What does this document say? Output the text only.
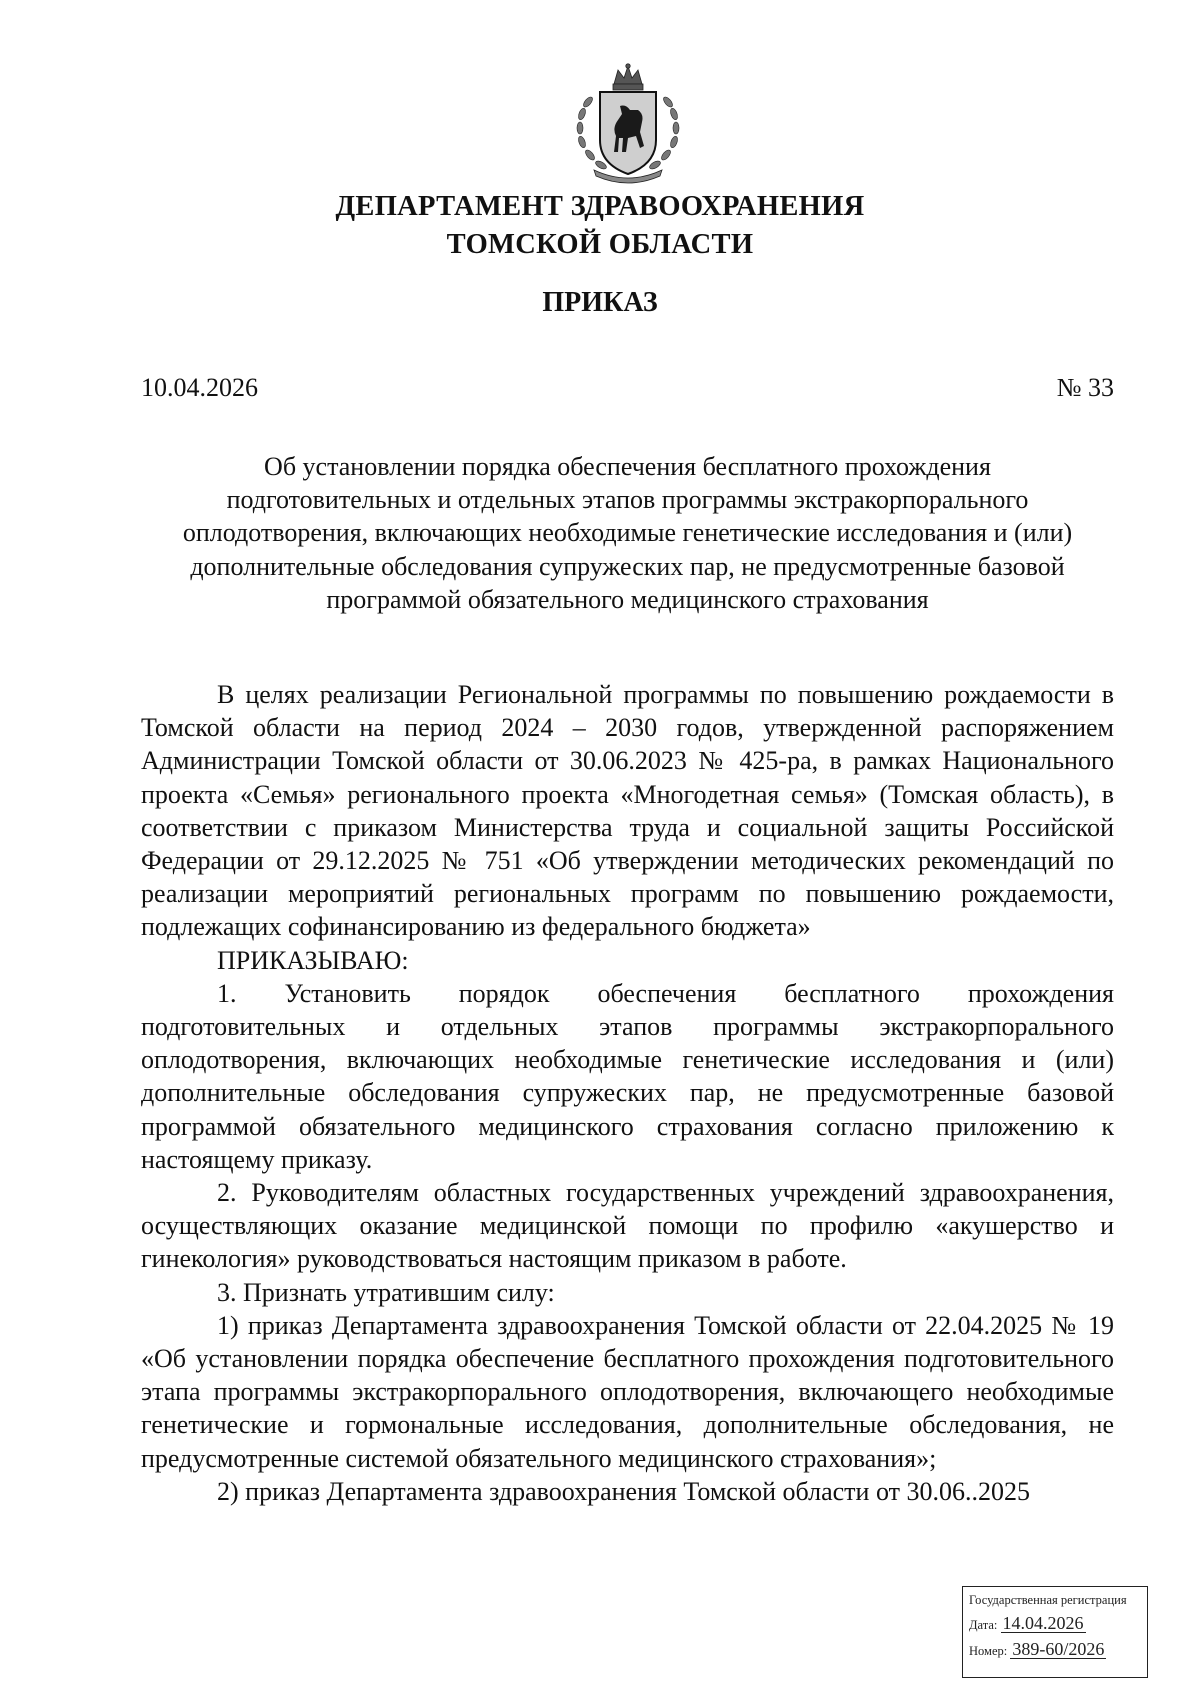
ДЕПАРТАМЕНТ ЗДРАВООХРАНЕНИЯ
ТОМСКОЙ ОБЛАСТИ
ПРИКАЗ
10.04.2026	№ 33
Об установлении порядка обеспечения бесплатного прохождения
подготовительных и отдельных этапов программы экстракорпорального
оплодотворения, включающих необходимые генетические исследования и (или)
дополнительные обследования супружеских пар, не предусмотренные базовой
программой обязательного медицинского страхования

В целях реализации Региональной программы по повышению рождаемости в Томской области на период 2024 – 2030 годов, утвержденной распоряжением Администрации Томской области от 30.06.2023 № 425-ра, в рамках Национального проекта «Семья» регионального проекта «Многодетная семья» (Томская область), в соответствии с приказом Министерства труда и социальной защиты Российской Федерации от 29.12.2025 № 751 «Об утверждении методических рекомендаций по реализации мероприятий региональных программ по повышению рождаемости, подлежащих софинансированию из федерального бюджета»

ПРИКАЗЫВАЮ:

1. Установить порядок обеспечения бесплатного прохождения подготовительных и отдельных этапов программы экстракорпорального оплодотворения, включающих необходимые генетические исследования и (или) дополнительные обследования супружеских пар, не предусмотренные базовой программой обязательного медицинского страхования согласно приложению к настоящему приказу.

2. Руководителям областных государственных учреждений здравоохранения, осуществляющих оказание медицинской помощи по профилю «акушерство и гинекология» руководствоваться настоящим приказом в работе.

3. Признать утратившим силу:

1) приказ Департамента здравоохранения Томской области от 22.04.2025 № 19 «Об установлении порядка обеспечение бесплатного прохождения подготовительного этапа программы экстракорпорального оплодотворения, включающего необходимые генетические и гормональные исследования, дополнительные обследования, не предусмотренные системой обязательного медицинского страхования»;

2) приказ Департамента здравоохранения Томской области от 30.06..2025

Государственная регистрация
Дата: 14.04.2026
Номер: 389-60/2026
